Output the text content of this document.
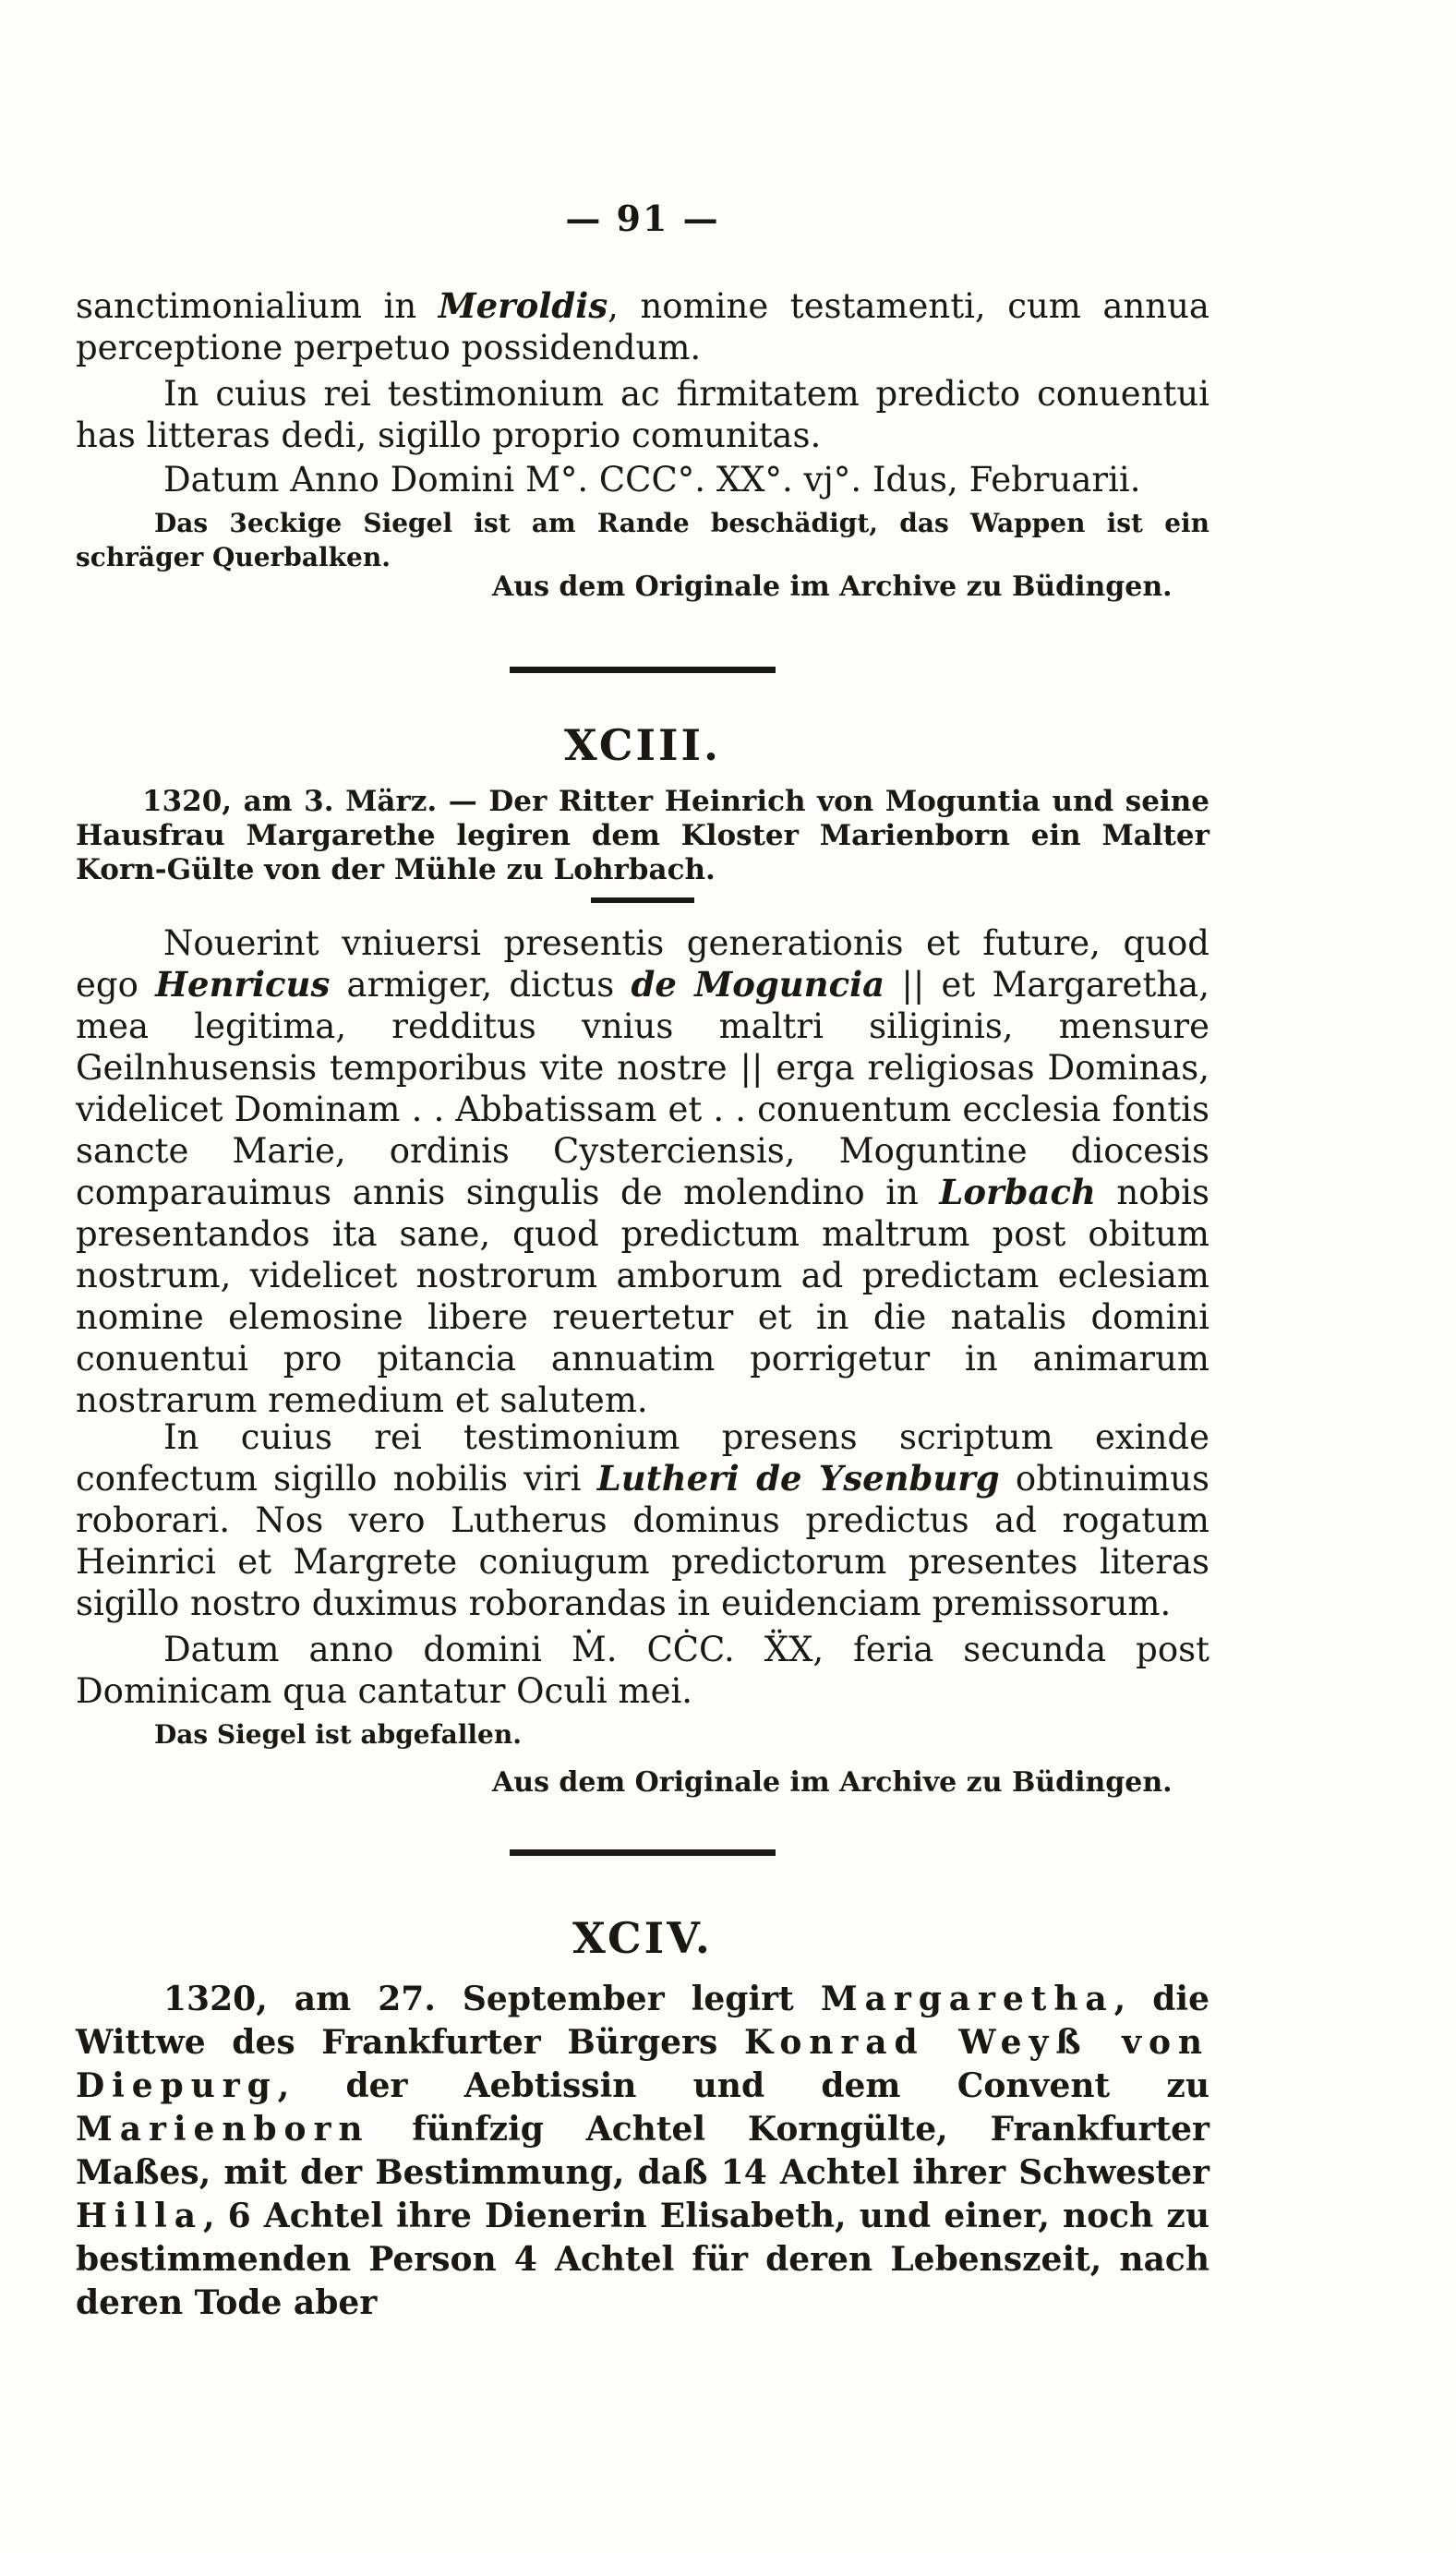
— 91 —

sanctimonialium in Meroldis, nomine testamenti, cum annua perceptione perpetuo possidendum.

In cuius rei testimonium ac firmitatem predicto conuentui has litteras dedi, sigillo proprio comunitas.

Datum Anno Domini M°. CCC°. XX°. vj°. Idus, Februarii.

Das 3eckige Siegel ist am Rande beschädigt, das Wappen ist ein schräger Querbalken.

Aus dem Originale im Archive zu Büdingen.

XCIII.

1320, am 3. März. — Der Ritter Heinrich von Moguntia und seine Hausfrau Margarethe legiren dem Kloster Marienborn ein Malter Korn-Gülte von der Mühle zu Lohrbach.

Nouerint vniuersi presentis generationis et future, quod ego Henricus armiger, dictus de Moguncia || et Margaretha, mea legitima, redditus vnius maltri siliginis, mensure Geilnhusensis temporibus vite nostre || erga religiosas Dominas, videlicet Dominam . . Abbatissam et . . conuentum ecclesia fontis sancte Marie, ordinis Cysterciensis, Moguntine diocesis comparauimus annis singulis de molendino in Lorbach nobis presentandos ita sane, quod predictum maltrum post obitum nostrum, videlicet nostrorum amborum ad predictam eclesiam nomine elemosine libere reuertetur et in die natalis domini conuentui pro pitancia annuatim porrigetur in animarum nostrarum remedium et salutem.

In cuius rei testimonium presens scriptum exinde confectum sigillo nobilis viri Lutheri de Ysenburg obtinuimus roborari. Nos vero Lutherus dominus predictus ad rogatum Heinrici et Margrete coniugum predictorum presentes literas sigillo nostro duximus roborandas in euidenciam premissorum.

Datum anno domini Ṁ. CĊC. ẌX, feria secunda post Dominicam qua cantatur Oculi mei.

Das Siegel ist abgefallen.

Aus dem Originale im Archive zu Büdingen.

XCIV.

1320, am 27. September legirt Margaretha, die Wittwe des Frankfurter Bürgers Konrad Weyß von Diepurg, der Aebtissin und dem Convent zu Marienborn fünfzig Achtel Korngülte, Frankfurter Maßes, mit der Bestimmung, daß 14 Achtel ihrer Schwester Hilla, 6 Achtel ihre Dienerin Elisabeth, und einer, noch zu bestimmenden Person 4 Achtel für deren Lebenszeit, nach deren Tode aber
